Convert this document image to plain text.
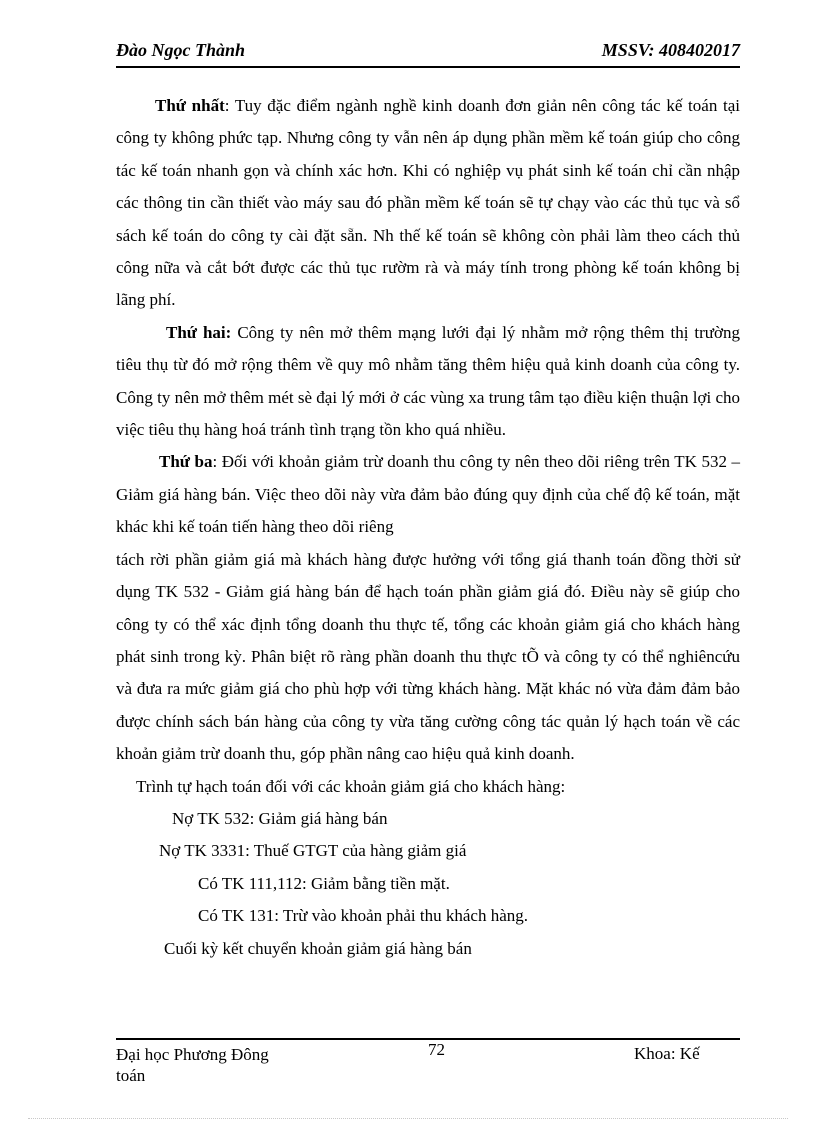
Đào Ngọc Thành	MSSV: 408402017

Thứ nhất: Tuy đặc điểm ngành nghề kinh doanh đơn giản nên công tác kế toán tại công ty không phức tạp. Nhưng công ty vẫn nên áp dụng phần mềm kế toán giúp cho công tác kế toán nhanh gọn và chính xác hơn. Khi có nghiệp vụ phát sinh kế toán chỉ cần nhập các thông tin cần thiết vào máy sau đó phần mềm kế toán sẽ tự chạy vào các thủ tục và sổ sách kế toán do công ty cài đặt sẵn. Nh thế kế toán sẽ không còn phải làm theo cách thủ công nữa và cắt bớt được các thủ tục rườm rà và máy tính trong phòng kế toán không bị lãng phí.

Thứ hai: Công ty nên mở thêm mạng lưới đại lý nhằm mở rộng thêm thị trường tiêu thụ từ đó mở rộng thêm về quy mô nhằm tăng thêm hiệu quả kinh doanh của công ty. Công ty nên mở thêm mét sè đại lý mới ở các vùng xa trung tâm tạo điều kiện thuận lợi cho việc tiêu thụ hàng hoá tránh tình trạng tồn kho quá nhiều.

Thứ ba: Đối với khoản giảm trừ doanh thu công ty nên theo dõi riêng trên TK 532 – Giảm giá hàng bán. Việc theo dõi này vừa đảm bảo đúng quy định của chế độ kế toán, mặt khác khi kế toán tiến hàng theo dõi riêng

tách rời phần giảm giá mà khách hàng được hưởng với tổng giá thanh toán đồng thời sử dụng TK 532 - Giảm giá hàng bán để hạch toán phần giảm giá đó. Điều này sẽ giúp cho công ty có thể xác định tổng doanh thu thực tế, tổng các khoản giảm giá cho khách hàng phát sinh trong kỳ. Phân biệt rõ ràng phần doanh thu thực tÕ và công ty có thể nghiêncứu và đưa ra mức giảm giá cho phù hợp với từng khách hàng. Mặt khác nó vừa đảm đảm bảo được chính sách bán hàng của công ty vừa tăng cường công tác quản lý hạch toán về các khoản giảm trừ doanh thu, góp phần nâng cao hiệu quả kinh doanh.

Trình tự hạch toán đối với các khoản giảm giá cho khách hàng:

Nợ TK 532: Giảm giá hàng bán

Nợ TK 3331: Thuế GTGT của hàng giảm giá

Có TK 111,112: Giảm bằng tiền mặt.

Có TK 131: Trừ vào khoản phải thu khách hàng.

Cuối kỳ kết chuyển khoản giảm giá hàng bán

Đại học Phương Đông	72	Khoa: Kế
toán
